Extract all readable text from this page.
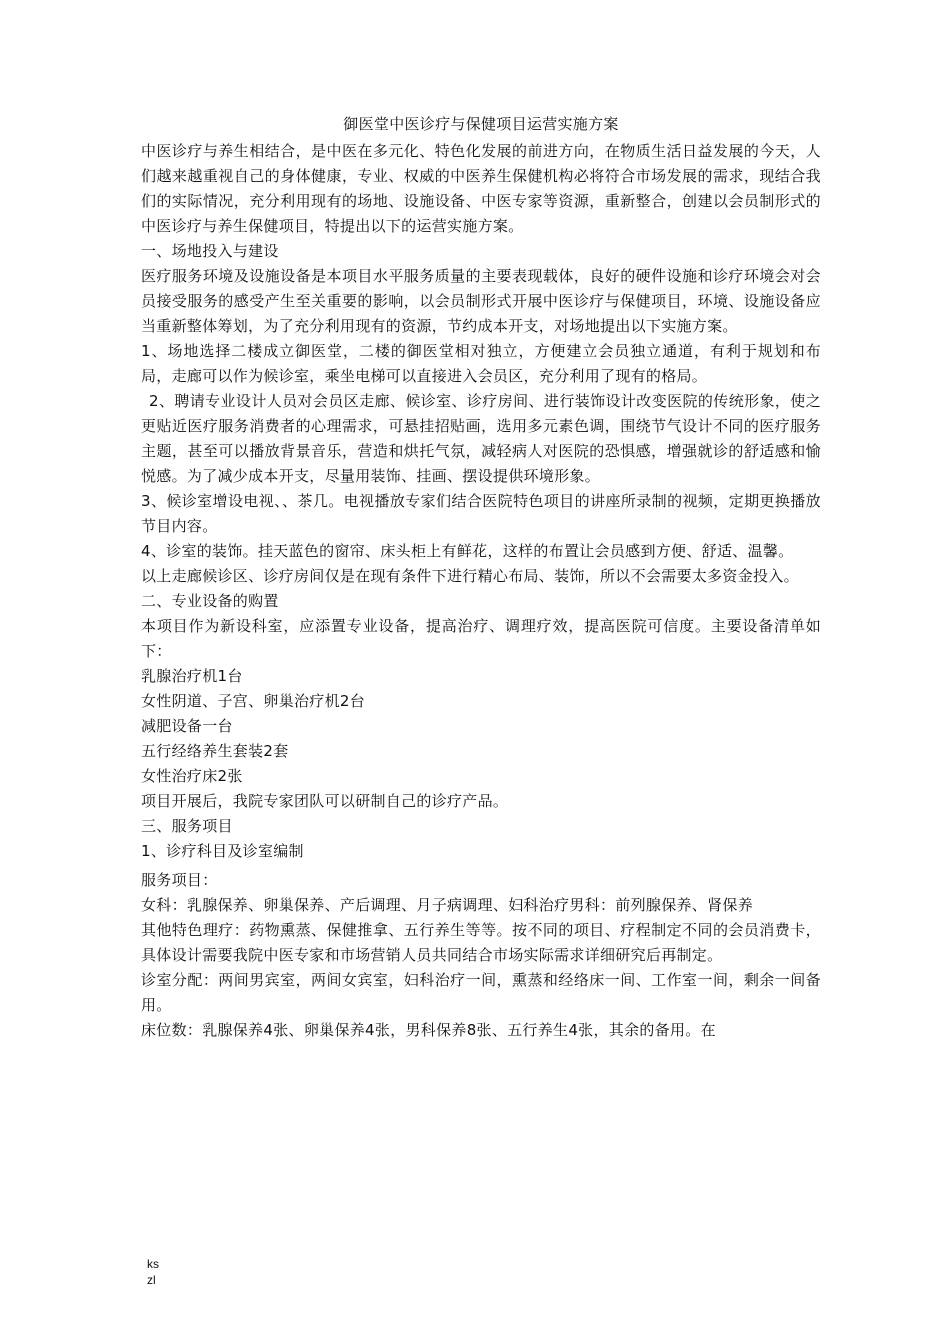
御医堂中医诊疗与保健项目运营实施方案

中医诊疗与养生相结合，是中医在多元化、特色化发展的前进方向，在物质生活日益发展的今天，人们越来越重视自己的身体健康，专业、权威的中医养生保健机构必将符合市场发展的需求，现结合我们的实际情况，充分利用现有的场地、设施设备、中医专家等资源，重新整合，创建以会员制形式的中医诊疗与养生保健项目，特提出以下的运营实施方案。

一、场地投入与建设

医疗服务环境及设施设备是本项目水平服务质量的主要表现载体，良好的硬件设施和诊疗环境会对会员接受服务的感受产生至关重要的影响，以会员制形式开展中医诊疗与保健项目，环境、设施设备应当重新整体筹划，为了充分利用现有的资源，节约成本开支，对场地提出以下实施方案。

1、场地选择二楼成立御医堂，二楼的御医堂相对独立，方便建立会员独立通道，有利于规划和布局，走廊可以作为候诊室，乘坐电梯可以直接进入会员区，充分利用了现有的格局。

2、聘请专业设计人员对会员区走廊、候诊室、诊疗房间、进行装饰设计改变医院的传统形象，使之更贴近医疗服务消费者的心理需求，可悬挂招贴画，选用多元素色调，围绕节气设计不同的医疗服务主题，甚至可以播放背景音乐，营造和烘托气氛，减轻病人对医院的恐惧感，增强就诊的舒适感和愉悦感。为了减少成本开支，尽量用装饰、挂画、摆设提供环境形象。

3、候诊室增设电视、、茶几。电视播放专家们结合医院特色项目的讲座所录制的视频，定期更换播放节目内容。

4、诊室的装饰。挂天蓝色的窗帘、床头柜上有鲜花，这样的布置让会员感到方便、舒适、温馨。

以上走廊候诊区、诊疗房间仅是在现有条件下进行精心布局、装饰，所以不会需要太多资金投入。

二、专业设备的购置

本项目作为新设科室，应添置专业设备，提高治疗、调理疗效，提高医院可信度。主要设备清单如下：

乳腺治疗机1台

女性阴道、子宫、卵巢治疗机2台

减肥设备一台

五行经络养生套装2套

女性治疗床2张

项目开展后，我院专家团队可以研制自己的诊疗产品。

三、服务项目

1、诊疗科目及诊室编制

服务项目：

女科：乳腺保养、卵巢保养、产后调理、月子病调理、妇科治疗男科：前列腺保养、肾保养

其他特色理疗：药物熏蒸、保健推拿、五行养生等等。按不同的项目、疗程制定不同的会员消费卡，具体设计需要我院中医专家和市场营销人员共同结合市场实际需求详细研究后再制定。

诊室分配：两间男宾室，两间女宾室，妇科治疗一间，熏蒸和经络床一间、工作室一间，剩余一间备用。

床位数：乳腺保养4张、卵巢保养4张，男科保养8张、五行养生4张，其余的备用。在

ks
zl
